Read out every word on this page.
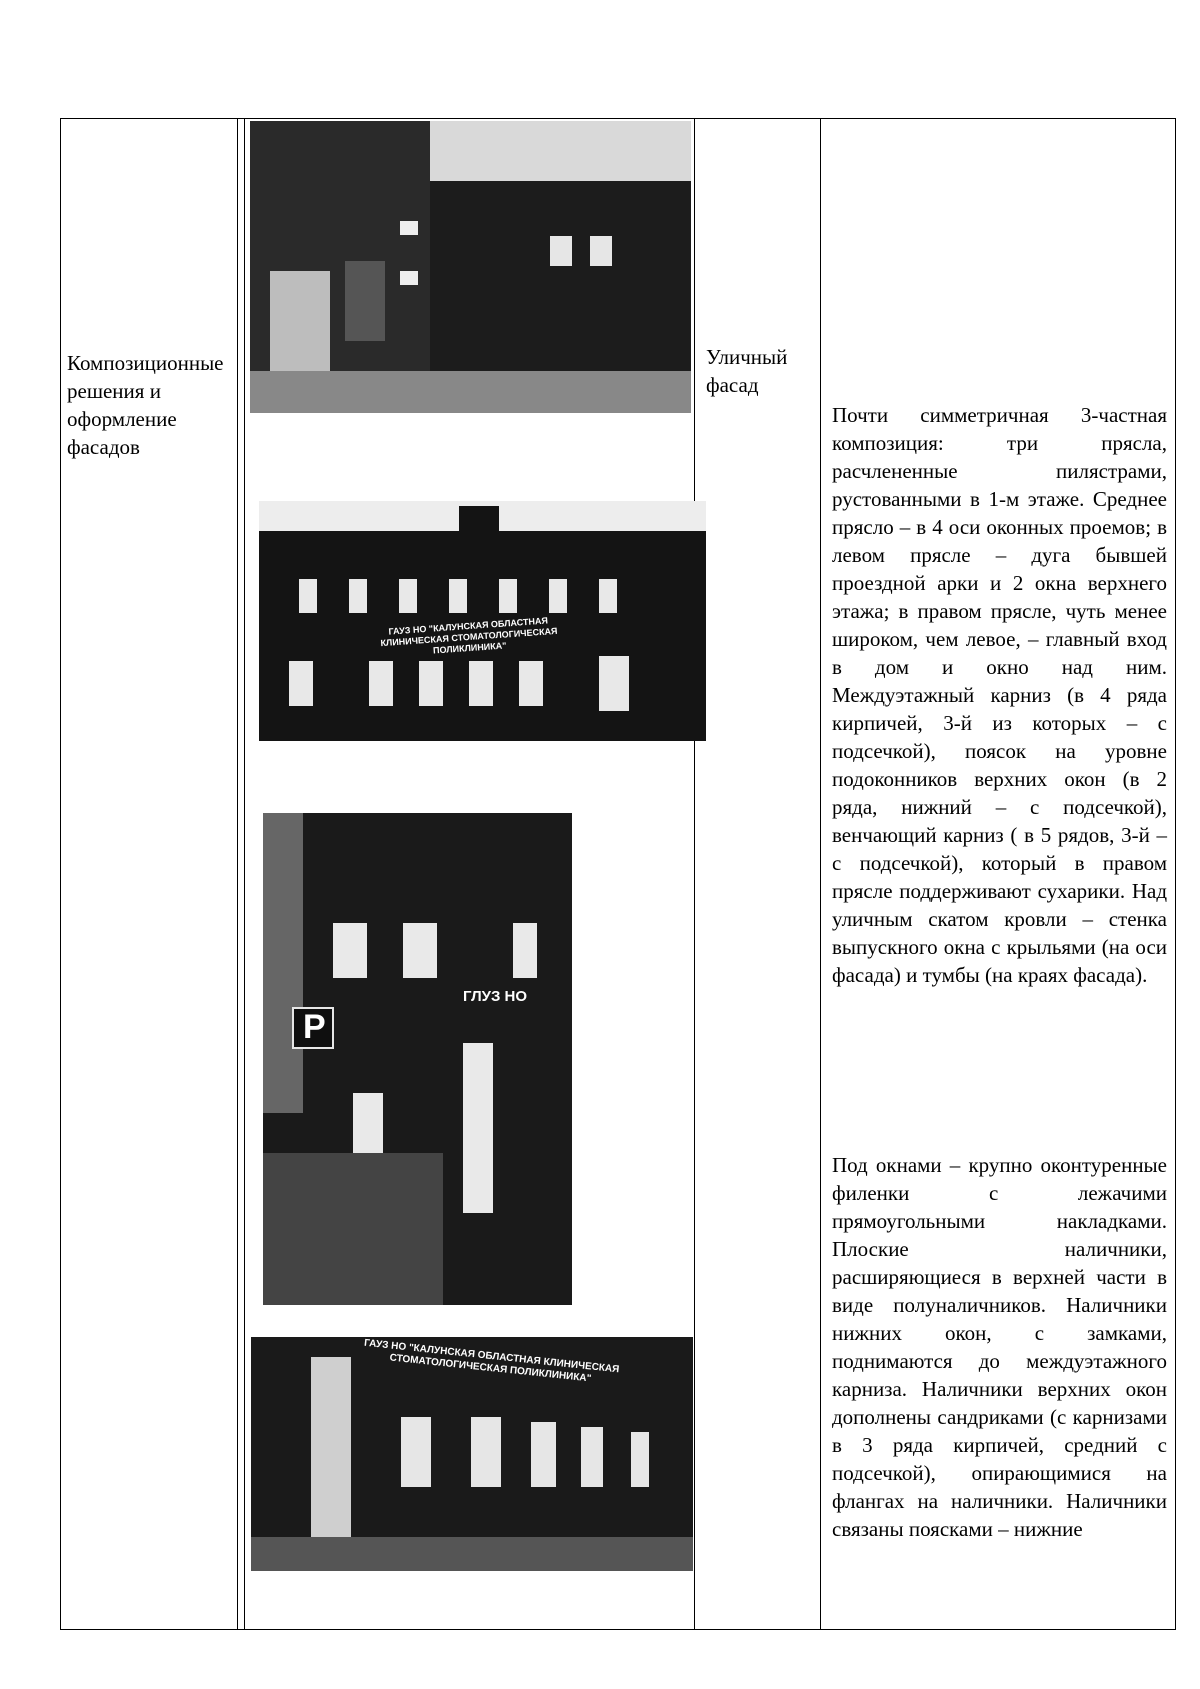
Композиционные решения и оформление фасадов
Уличный фасад
Почти симметричная 3-частная композиция: три прясла, расчлененные пилястрами, рустованными в 1-м этаже. Среднее прясло – в 4 оси оконных проемов; в левом прясле – дуга бывшей проездной арки и 2 окна верхнего этажа; в правом прясле, чуть менее широком, чем левое, – главный вход в дом и окно над ним. Междуэтажный карниз (в 4 ряда кирпичей, 3-й из которых – с подсечкой), поясок на уровне подоконников верхних окон (в 2 ряда, нижний – с подсечкой), венчающий карниз ( в 5 рядов, 3-й – с подсечкой), который в правом прясле поддерживают сухарики. Над уличным скатом кровли – стенка выпускного окна с крыльями (на оси фасада) и тумбы (на краях фасада).
Под окнами – крупно оконтуренные филенки с лежачими прямоугольными накладками. Плоские наличники, расширяющиеся в верхней части в виде полуналичников. Наличники нижних окон, с замками, поднимаются до междуэтажного карниза. Наличники верхних окон дополнены сандриками (с карнизами в 3 ряда кирпичей, средний с подсечкой), опирающимися на флангах на наличники. Наличники связаны поясками – нижние
ГАУЗ НО "КАЛУНСКАЯ ОБЛАСТНАЯ КЛИНИЧЕСКАЯ СТОМАТОЛОГИЧЕСКАЯ ПОЛИКЛИНИКА"
P
ГЛУЗ НО
ГАУЗ НО "КАЛУНСКАЯ ОБЛАСТНАЯ КЛИНИЧЕСКАЯ СТОМАТОЛОГИЧЕСКАЯ ПОЛИКЛИНИКА"
